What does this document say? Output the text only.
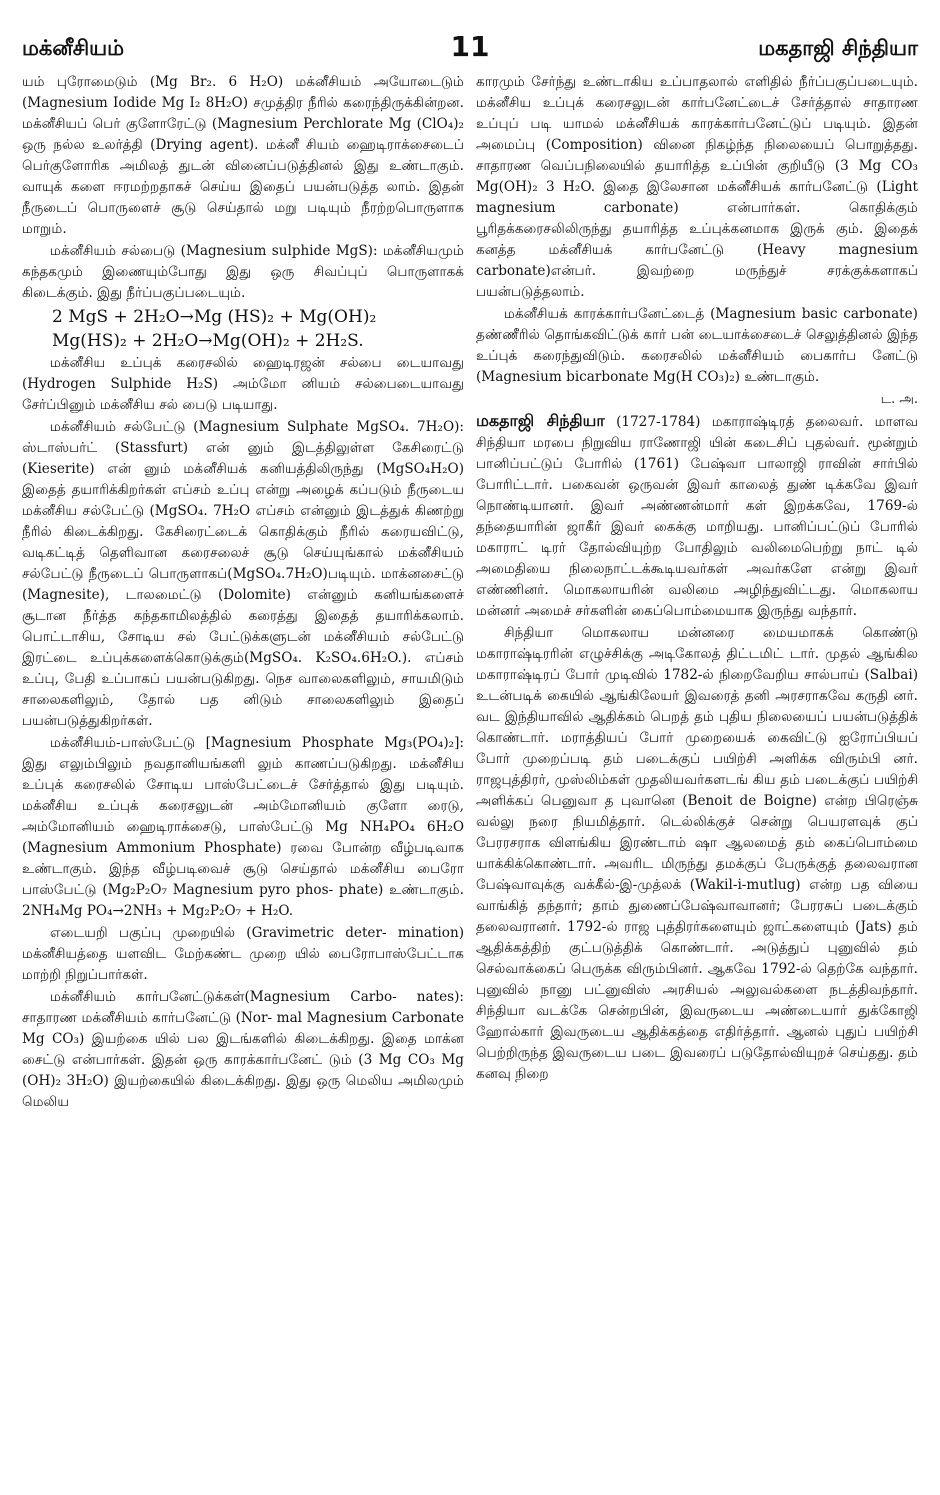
மக்னீசியம்	11	மகதாஜி சிந்தியா

யம் புரோமைடும் (Mg Br₂. 6 H₂O) மக்னீசியம் அயோடைடும் (Magnesium Iodide Mg I₂ 8H₂O) சமுத்திர நீரில் கரைந்திருக்கின்றன. மக்னீசியப் பெர் குளோரேட்டு (Magnesium Perchlorate Mg (ClO₄)₂ ஒரு நல்ல உலர்த்தி (Drying agent). மக்னீ சியம் ஹைடிராக்சைடைப் பெர்குளோரிக அமிலத் துடன் வினைப்படுத்தினல் இது உண்டாகும். வாயுக் களை ஈரமற்றதாகச் செய்ய இதைப் பயன்படுத்த லாம். இதன் நீருடைப் பொருளைச் சூடு செய்தால் மறு படியும் நீரற்றபொருளாக மாறும்.

மக்னீசியம் சல்பைடு (Magnesium sulphide MgS): மக்னீசியமும் கந்தகமும் இணையும்போது இது ஒரு சிவப்புப் பொருளாகக் கிடைக்கும். இது நீர்ப்பகுப்படையும்.

2 MgS + 2H₂O→Mg (HS)₂ + Mg(OH)₂
Mg(HS)₂ + 2H₂O→Mg(OH)₂ + 2H₂S.

மக்னீசிய உப்புக் கரைசலில் ஹைடிரஜன் சல்பை டையாவது (Hydrogen Sulphide H₂S) அம்மோ னியம் சல்பைடையாவது சேர்ப்பினும் மக்னீசிய சல் பைடு படியாது.

மக்னீசியம் சல்பேட்டு (Magnesium Sulphate MgSO₄. 7H₂O): ஸ்டாஸ்பர்ட் (Stassfurt) என் னும் இடத்திலுள்ள கேசிரைட்டு (Kieserite) என் னும் மக்னீசியக் கனியத்திலிருந்து (MgSO₄H₂O) இதைத் தயாரிக்கிறர்கள் எப்சம் உப்பு என்று அழைக் கப்படும் நீருடைய மக்னீசிய சல்பேட்டு (MgSO₄. 7H₂O எப்சம் என்னும் இடத்துக் கிணற்று நீரில் கிடைக்கிறது. கேசிரைட்டைக் கொதிக்கும் நீரில் கரையவிட்டு, வடிகட்டித் தெளிவான கரைசலைச் சூடு செய்யுங்கால் மக்னீசியம் சல்பேட்டு நீருடைப் பொருளாகப்(MgSO₄.7H₂O)படியும். மாக்னசைட்டு (Magnesite), டாலமைட்டு (Dolomite) என்னும் கனியங்களைச் சூடான நீர்த்த கந்தகாமிலத்தில் கரைத்து இதைத் தயாரிக்கலாம். பொட்டாசிய, சோடிய சல் பேட்டுக்களுடன் மக்னீசியம் சல்பேட்டு இரட்டை உப்புக்களைக்கொடுக்கும்(MgSO₄. K₂SO₄.6H₂O.). எப்சம் உப்பு, பேதி உப்பாகப் பயன்படுகிறது. நெச வாலைகளிலும், சாயமிடும் சாலைகளிலும், தோல் பத னிடும் சாலைகளிலும் இதைப் பயன்படுத்துகிறர்கள்.

மக்னீசியம்-பாஸ்பேட்டு [Magnesium Phosphate Mg₃(PO₄)₂]: இது எலும்பிலும் நவதானியங்களி லும் காணப்படுகிறது. மக்னீசிய உப்புக் கரைசலில் சோடிய பாஸ்பேட்டைச் சேர்த்தால் இது படியும். மக்னீசிய உப்புக் கரைசலுடன் அம்மோனியம் குளோ ரைடு, அம்மோனியம் ஹைடிராக்சைடு, பாஸ்பேட்டு Mg NH₄PO₄ 6H₂O (Magnesium Ammonium Phosphate) ரவை போன்ற வீழ்படிவாக உண்டாகும். இந்த வீழ்படிவைச் சூடு செய்தால் மக்னீசிய பைரோ பாஸ்பேட்டு (Mg₂P₂O₇ Magnesium pyro phos- phate) உண்டாகும். 2NH₄Mg PO₄→2NH₃ + Mg₂P₂O₇ + H₂O.

எடையறி பகுப்பு முறையில் (Gravimetric deter- mination) மக்னீசியத்தை யளவிட மேற்கண்ட முறை யில் பைரோபாஸ்பேட்டாக மாற்றி நிறுப்பார்கள்.

மக்னீசியம் கார்பனேட்டுக்கள்(Magnesium Carbo- nates): சாதாரண மக்னீசியம் கார்பனேட்டு (Nor- mal Magnesium Carbonate Mg CO₃) இயற்கை யில் பல இடங்களில் கிடைக்கிறது. இதை மாக்ன சைட்டு என்பார்கள். இதன் ஒரு காரக்கார்பனேட் டும் (3 Mg CO₃ Mg (OH)₂ 3H₂O) இயற்கையில் கிடைக்கிறது. இது ஒரு மெலிய அமிலமும் மெலிய

காரமும் சேர்ந்து உண்டாகிய உப்பாதலால் எளிதில் நீர்ப்பகுப்படையும். மக்னீசிய உப்புக் கரைசலுடன் கார்பனேட்டைச் சேர்த்தால் சாதாரண உப்புப் படி யாமல் மக்னீசியக் காரக்கார்பனேட்டுப் படியும். இதன் அமைப்பு (Composition) வினை நிகழ்ந்த நிலையைப் பொறுத்தது. சாதாரண வெப்பநிலையில் தயாரித்த உப்பின் குறியீடு (3 Mg CO₃ Mg(OH)₂ 3 H₂O. இதை இலேசான மக்னீசியக் கார்பனேட்டு (Light magnesium carbonate) என்பார்கள். கொதிக்கும் பூரிதக்கரைசலிலிருந்து தயாரித்த உப்புக்கனமாக இருக் கும். இதைக் கனத்த மக்னீசியக் கார்பனேட்டு (Heavy magnesium carbonate)என்பர். இவற்றை மருந்துச் சரக்குக்களாகப் பயன்படுத்தலாம்.

மக்னீசியக் காரக்கார்பனேட்டைத் (Magnesium basic carbonate) தண்ணீரில் தொங்கவிட்டுக் கார் பன் டையாக்சைடைச் செலுத்தினல் இந்த உப்புக் கரைந்துவிடும். கரைசலில் மக்னீசியம் பைகார்ப னேட்டு (Magnesium bicarbonate Mg(H CO₃)₂) உண்டாகும்.

ட. அ.

மகதாஜி சிந்தியா (1727-1784) மகாராஷ்டிரத் தலைவர். மாளவ சிந்தியா மரபை நிறுவிய ராணோஜி யின் கடைசிப் புதல்வர். மூன்றும் பானிப்பட்டுப் போரில் (1761) பேஷ்வா பாலாஜி ராவின் சார்பில் போரிட்டார். பகைவன் ஒருவன் இவர் காலைத் துண் டிக்கவே இவர் நொண்டியானர். இவர் அண்ணன்மார் கள் இறக்கவே, 1769-ல் தந்தையாரின் ஜாகீர் இவர் கைக்கு மாறியது. பானிப்பட்டுப் போரில் மகாராட் டிரர் தோல்வியுற்ற போதிலும் வலிமைபெற்று நாட் டில் அமைதியை நிலைநாட்டக்கூடியவர்கள் அவர்களே என்று இவர் எண்ணினர். மொகலாயரின் வலிமை அழிந்துவிட்டது. மொகலாய மன்னர் அமைச் சர்களின் கைப்பொம்மையாக இருந்து வந்தார்.

சிந்தியா மொகலாய மன்னரை மையமாகக் கொண்டு மகாராஷ்டிரரின் எழுச்சிக்கு அடிகோலத் திட்டமிட் டார். முதல் ஆங்கில மகாராஷ்டிரப் போர் முடிவில் 1782-ல் நிறைவேறிய சால்பாய் (Salbai) உடன்படிக் கையில் ஆங்கிலேயர் இவரைத் தனி அரசராகவே கருதி னர். வட இந்தியாவில் ஆதிக்கம் பெறத் தம் புதிய நிலையைப் பயன்படுத்திக் கொண்டார். மராத்தியப் போர் முறையைக் கைவிட்டு ஐரோப்பியப் போர் முறைப்படி தம் படைக்குப் பயிற்சி அளிக்க விரும்பி னர். ராஜபுத்திரர், முஸ்லிம்கள் முதலியவர்களடங் கிய தம் படைக்குப் பயிற்சி அளிக்கப் பெனுவா த புவானெ (Benoit de Boigne) என்ற பிரெஞ்சு வல்லு நரை நியமித்தார். டெல்லிக்குச் சென்று பெயரளவுக் குப் பேரரசராக விளங்கிய இரண்டாம் ஷா ஆலமைத் தம் கைப்பொம்மை யாக்கிக்கொண்டார். அவரிட மிருந்து தமக்குப் பேருக்குத் தலைவரான பேஷ்வாவுக்கு வக்கீல்-இ-முத்லக் (Wakil-i-mutlug) என்ற பத வியை வாங்கித் தந்தார்; தாம் துணைப்பேஷ்வாவானர்; பேரரசுப் படைக்கும் தலைவரானர். 1792-ல் ராஜ புத்திரர்களையும் ஜாட்களையும் (Jats) தம் ஆதிக்கத்திற் குட்படுத்திக் கொண்டார். அடுத்துப் புனுவில் தம் செல்வாக்கைப் பெருக்க விரும்பினர். ஆகவே 1792-ல் தெற்கே வந்தார். புனுவில் நானு பட்னுவிஸ் அரசியல் அலுவல்களை நடத்திவந்தார். சிந்தியா வடக்கே சென்றபின், இவருடைய அண்டையார் துக்கோஜி ஹோல்கார் இவருடைய ஆதிக்கத்தை எதிர்த்தார். ஆனல் புதுப் பயிற்சி பெற்றிருந்த இவருடைய படை இவரைப் படுதோல்வியுறச் செய்தது. தம் கனவு நிறை
